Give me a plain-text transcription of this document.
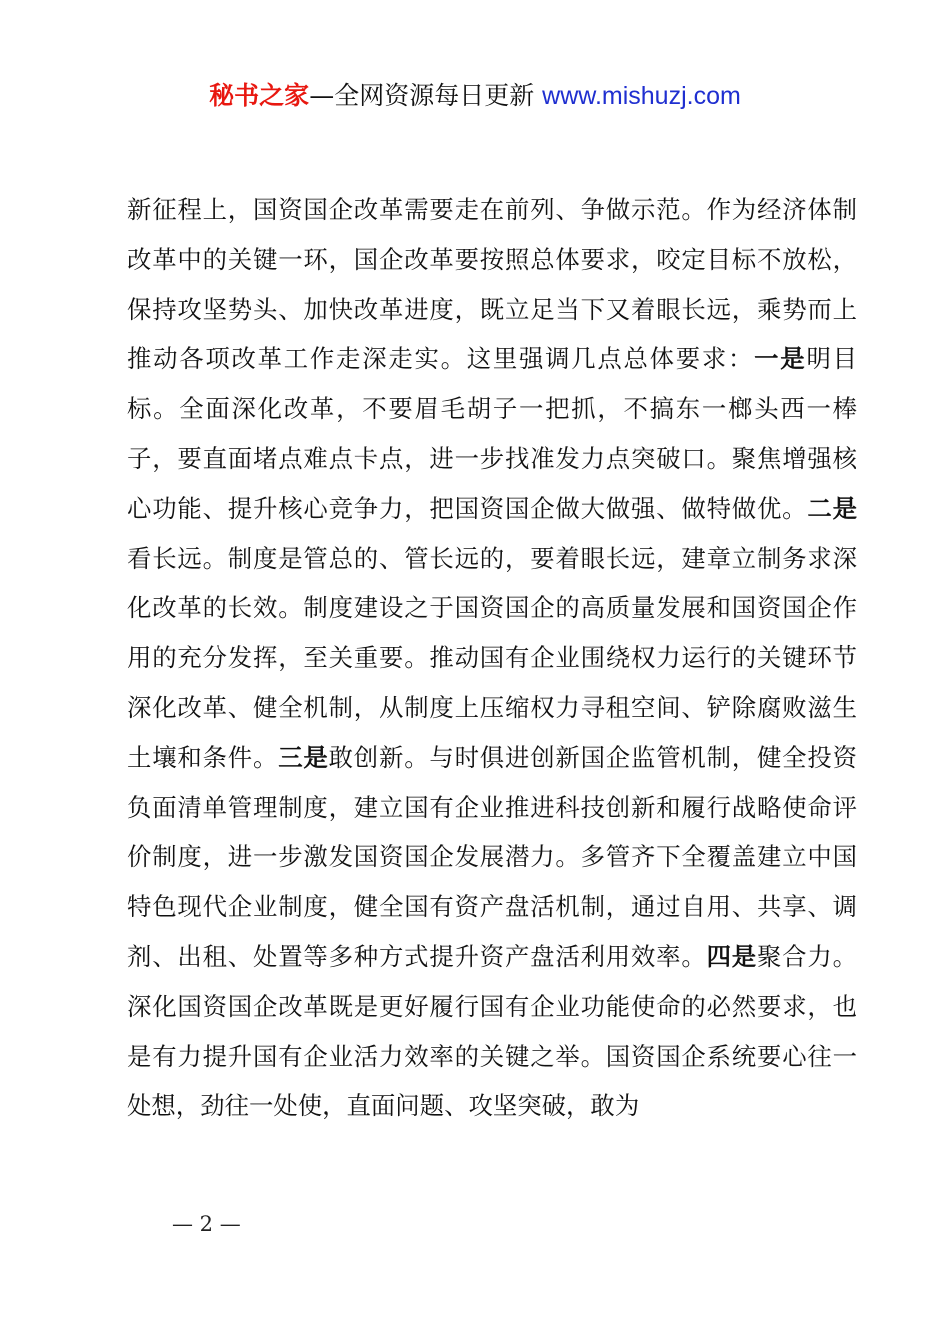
秘书之家—全网资源每日更新 www.mishuzj.com
新征程上，国资国企改革需要走在前列、争做示范。作为经济体制改革中的关键一环，国企改革要按照总体要求，咬定目标不放松，保持攻坚势头、加快改革进度，既立足当下又着眼长远，乘势而上推动各项改革工作走深走实。这里强调几点总体要求：一是明目标。全面深化改革，不要眉毛胡子一把抓，不搞东一榔头西一棒子，要直面堵点难点卡点，进一步找准发力点突破口。聚焦增强核心功能、提升核心竞争力，把国资国企做大做强、做特做优。二是看长远。制度是管总的、管长远的，要着眼长远，建章立制务求深化改革的长效。制度建设之于国资国企的高质量发展和国资国企作用的充分发挥，至关重要。推动国有企业围绕权力运行的关键环节深化改革、健全机制，从制度上压缩权力寻租空间、铲除腐败滋生土壤和条件。三是敢创新。与时俱进创新国企监管机制，健全投资负面清单管理制度，建立国有企业推进科技创新和履行战略使命评价制度，进一步激发国资国企发展潜力。多管齐下全覆盖建立中国特色现代企业制度，健全国有资产盘活机制，通过自用、共享、调剂、出租、处置等多种方式提升资产盘活利用效率。四是聚合力。深化国资国企改革既是更好履行国有企业功能使命的必然要求，也是有力提升国有企业活力效率的关键之举。国资国企系统要心往一处想，劲往一处使，直面问题、攻坚突破，敢为
— 2 —
